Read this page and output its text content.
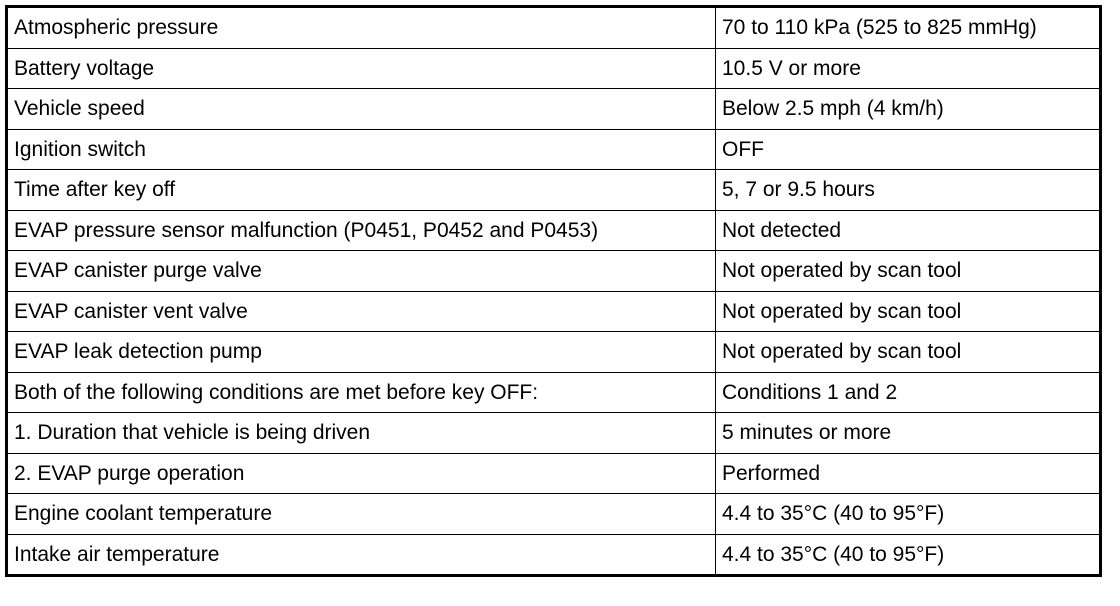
Atmospheric pressure	70 to 110 kPa (525 to 825 mmHg)
Battery voltage	10.5 V or more
Vehicle speed	Below 2.5 mph (4 km/h)
Ignition switch	OFF
Time after key off	5, 7 or 9.5 hours
EVAP pressure sensor malfunction (P0451, P0452 and P0453)	Not detected
EVAP canister purge valve	Not operated by scan tool
EVAP canister vent valve	Not operated by scan tool
EVAP leak detection pump	Not operated by scan tool
Both of the following conditions are met before key OFF:	Conditions 1 and 2
1. Duration that vehicle is being driven	5 minutes or more
2. EVAP purge operation	Performed
Engine coolant temperature	4.4 to 35°C (40 to 95°F)
Intake air temperature	4.4 to 35°C (40 to 95°F)
